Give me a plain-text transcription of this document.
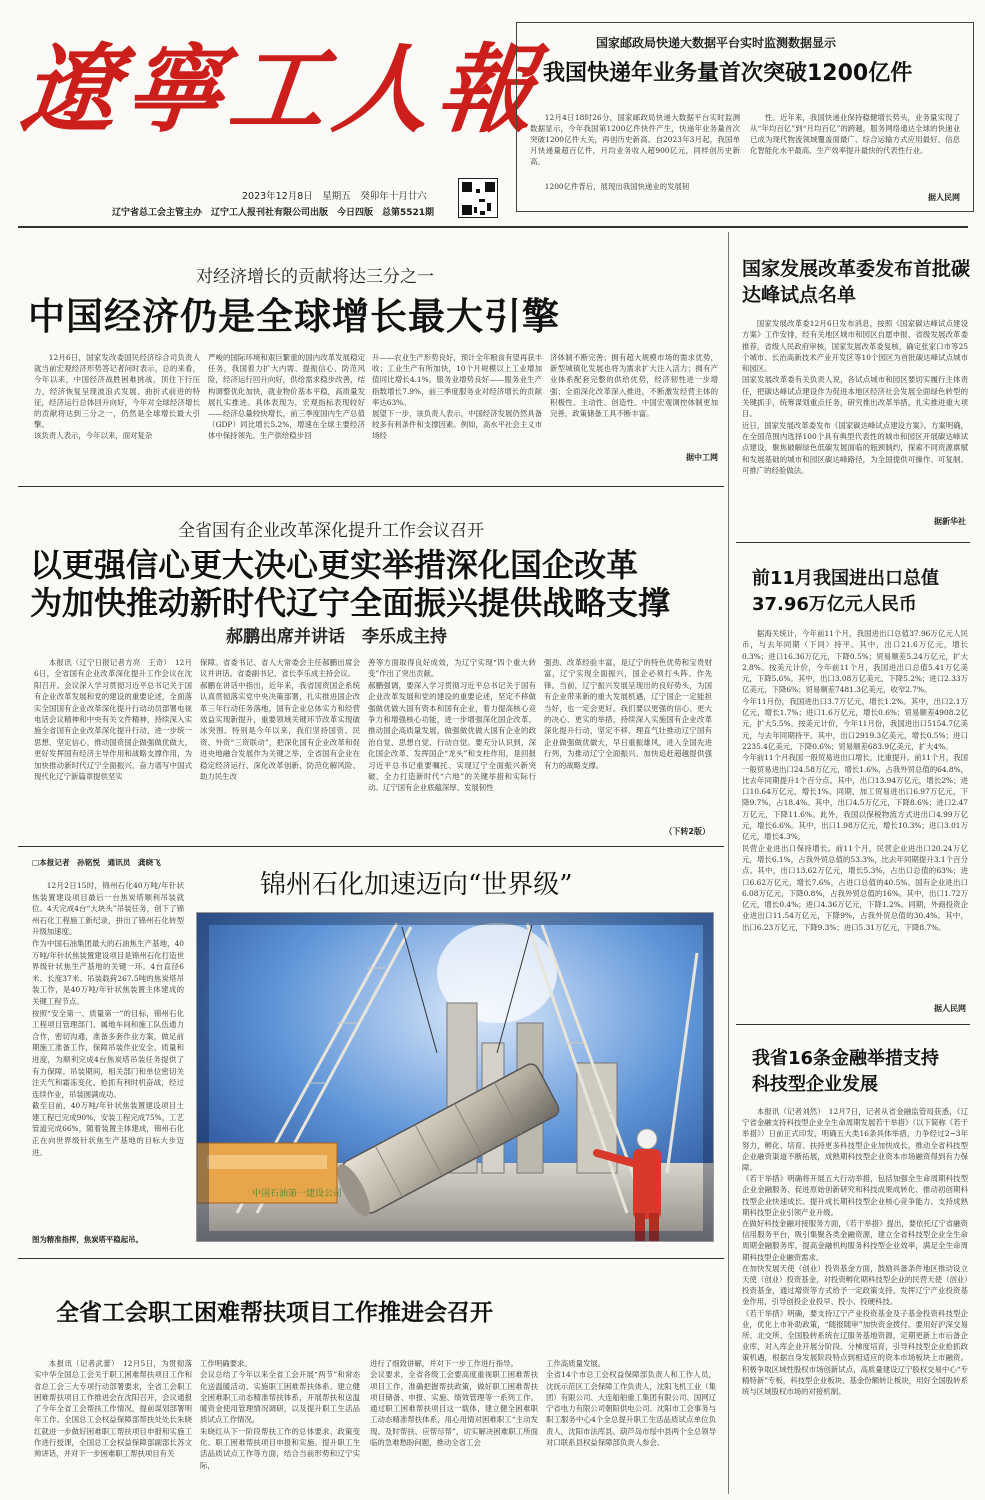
遼寧工人報
2023年12月8日　星期五　癸卯年十月廿六
辽宁省总工会主管主办　辽宁工人报刊社有限公司出版　今日四版　总第5521期
国家邮政局快递大数据平台实时监测数据显示
我国快递年业务量首次突破1200亿件
12月4日18时26分，国家邮政局快递大数据平台实时监测数据显示，今年我国第1200亿件快件产生，快递年业务量首次突破1200亿件大关，再创历史新高。自2023年3月起，我国单月快递量超百亿件，月均业务收入超900亿元，同样创历史新高。
1200亿件背后，展现出我国快递业的发展韧
性。近年来，我国快递业保持稳健增长势头，业务量实现了从“年均百亿”到“月均百亿”的跨越，服务网络通达全球的快递业已成为现代物流领域覆盖面最广、综合运输方式应用最好、信息化智能化水平最高、生产效率提升最快的代表性行业。
据人民网
对经济增长的贡献将达三分之一
中国经济仍是全球增长最大引擎
12月6日，国家发改委国民经济综合司负责人就当前宏观经济形势答记者问时表示，总的来看，今年以来，中国经济战胜困难挑战，顶住下行压力，经济恢复呈现波浪式发展、曲折式前进的特征，经济运行总体回升向好，今年对全球经济增长的贡献将达到三分之一，仍然是全球增长最大引擎。
该负责人表示，今年以来，面对复杂
严峻的国际环境和艰巨繁重的国内改革发展稳定任务，我国着力扩大内需、提振信心、防范风险，经济运行回升向好，供给需求稳步改善，结构调整优化加快，就业物价基本平稳，高质量发展扎实推进。具体表现为，宏观指标表现较好——经济总量较快增长，前三季度国内生产总值（GDP）同比增长5.2%，增速在全球主要经济体中保持领先。生产供给稳步回
升——农业生产形势良好，预计全年粮食有望再获丰收；工业生产有所加快，10个月规模以上工业增加值同比增长4.1%。服务业增势良好——服务业生产指数增长7.9%，前三季度服务业对经济增长的贡献率达63%。
展望下一步，该负责人表示，中国经济发展仍然具备较多有利条件和支撑因素。例如，高水平社会主义市场经
济体制不断完善；拥有超大规模市场的需求优势，新型城镇化发展也将为需求扩大注入活力；拥有产业体系配套完整的供给优势，经济韧性进一步增强；全面深化改革深入推进，不断激发经营主体的积极性、主动性、创造性。中国宏观调控体制更加完善，政策储备工具不断丰富。
据中工网
全省国有企业改革深化提升工作会议召开
以更强信心更大决心更实举措深化国企改革
为加快推动新时代辽宁全面振兴提供战略支撑
郝鹏出席并讲话　李乐成主持
本报讯（辽宁日报记者方亮　王奇）　12月6日，全省国有企业改革深化提升工作会议在沈阳召开。会议深入学习贯彻习近平总书记关于国有企业改革发展和党的建设的重要论述，全面落实全国国有企业改革深化提升行动动员部署电视电话会议精神和中央有关文件精神，持续深入实施全省国有企业改革深化提升行动，进一步统一思想、坚定信心，推动国资国企做强做优做大，更好发挥国有经济主导作用和战略支撑作用，为加快推动新时代辽宁全面振兴、奋力谱写中国式现代化辽宁新篇章提供坚实
保障。省委书记、省人大常委会主任郝鹏出席会议并讲话。省委副书记、省长李乐成主持会议。
郝鹏在讲话中指出，近年来，我省国资国企系统认真贯彻落实党中央决策部署，扎实推进国企改革三年行动任务落地，国有企业总体实力和经营效益实现新提升，重要领域关键环节改革实现破冰突围。特别是今年以来，我们坚持国资、民资、外资“三资联动”，把深化国有企业改革和促进央地融合发展作为关键之举，全省国有企业在稳定经济运行、深化改革创新、防范化解风险、助力民生改
善等方面取得良好成效，为辽宁实现“四个重大转变”作出了突出贡献。
郝鹏强调，要深入学习贯彻习近平总书记关于国有企业改革发展和党的建设的重要论述，坚定不移做强做优做大国有资本和国有企业，着力提高核心竞争力和增强核心功能，进一步增强深化国企改革、推动国企高质量发展，做强做优做大国有企业的政治自觉、思想自觉、行动自觉。要充分认识到，深化国企改革、发挥国企“龙头”和支柱作用，是回报习近平总书记重要嘱托、实现辽宁全面振兴新突破、全力打造新时代“六地”的关键举措和实际行动。辽宁国有企业底蕴深厚、发展韧性
强劲、改革经验丰富，是辽宁的特色优势和宝贵财富，辽宁实现全面振兴，国企必须打头阵、作先锋。当前，辽宁振兴发展呈现出的良好势头，为国有企业带来新的重大发展机遇，辽宁国企一定能担当好，也一定会更好。我们要以更强的信心、更大的决心、更实的举措，持续深入实施国有企业改革深化提升行动，坚定不移、理直气壮推动辽宁国有企业做强做优做大，早日重振雄风，进入全国先进行列，为推动辽宁全面振兴、加快追赶超越提供强有力的战略支撑。
（下转2版）
□本报记者　孙铭悦　通讯员　龚晓飞
12月2日15时，锦州石化40万吨/年针状焦装置建设项目最后一台焦炭塔顺利吊装就位。4天完成4台“大块头”吊装任务，创下了锦州石化工程施工新纪录，拼出了锦州石化转型升级加速度。
作为中国石油集团最大的石油焦生产基地，40万吨/年针状焦装置建设项目是锦州石化打造世界级针状焦生产基地的关键一环。4台直径6米、长度37米、吊装载荷267.5吨的焦炭塔吊装工作，是40万吨/年针状焦装置主体建成的关键工程节点。
按照“安全第一、质量第一”的目标，锦州石化工程项目管理部门、属地车间和施工队伍通力合作，密切沟通，准备多套作业方案，做足前期施工准备工作，保障吊装作业安全、质量和进度，为顺利完成4台焦炭塔吊装任务提供了有力保障。吊装期间，相关部门和单位密切关注天气和霜冻变化，抢抓有利时机奋战，经过连续作业，吊装圆满成功。
截至目前，40万吨/年针状焦装置建设项目土建工程已完成90%，安装工程完成75%，工艺管道完成66%，随着装置主体建成，锦州石化正在向世界级针状焦生产基地的目标大步迈进。
图为精准指挥，焦炭塔平稳起吊。
锦州石化加速迈向“世界级”
中国石油第一建设公司
全省工会职工困难帮扶项目工作推进会召开
本报讯（记者武蕾）　12月5日，为贯彻落实中华全国总工会关于职工困难帮扶项目工作和省总工会三大专项行动部署要求，全省工会职工困难帮扶项目工作推进会在沈阳召开，会议通报了今年全省工会帮扶工作情况，提前谋划部署明年工作。全国总工会权益保障部帮扶处处长朱晓红就进一步做好困难职工帮扶项目申报和实施工作进行授课，全国总工会权益保障部副部长苏文帅讲话，并对下一步困难职工帮扶项目有关
工作明确要求。
会议总结了今年以来全省工会开展“两节”和常态化送温暖活动、实施职工困难帮扶体系、建立健全困难职工动态精准帮扶体系，开展帮扶和送温暖资金使用管理情况调研，以及提升职工生活品质试点工作情况。
朱晓红从下一阶段帮扶工作的总体要求、政策变化、职工困难帮扶项目申报和实施、提升职工生活品质试点工作等方面，结合当前形势和辽宁实际，
进行了细致讲解，并对下一步工作进行指导。
会议要求，全省各级工会要高度重视职工困难帮扶项目工作，准确把握帮扶政策，做好职工困难帮扶项目储备、申报、实施、绩效管理等一系列工作。通过职工困难帮扶项目这一载体，建立健全困难职工动态精准帮扶体系，用心用情对困难职工“主动发现、及时帮扶、应帮尽帮”，切实解决困难职工所面临的急难愁盼问题，推动全省工会
工作高质量发展。
全省14个市总工会权益保障部负责人和工作人员，沈抚示范区工会保障工作负责人，沈阳飞机工业（集团）有限公司、大连船舶重工集团有限公司、国网辽宁省电力有限公司朝阳供电公司、沈阳市工会事务与职工服务中心4个全总提升职工生活品质试点单位负责人，沈阳市法库县、葫芦岛市绥中县两个全总领导对口联系县权益保障部负责人参会。
国家发展改革委发布首批碳达峰试点名单
国家发展改革委12月6日发布消息，按照《国家碳达峰试点建设方案》工作安排，经有关地区城市和园区自愿申报、省级发展改革委推荐，省级人民政府审核，国家发展改革委复核，确定张家口市等25个城市、长治高新技术产业开发区等10个园区为首批碳达峰试点城市和园区。
国家发展改革委有关负责人说，各试点城市和园区要切实履行主体责任，把碳达峰试点建设作为促进本地区经济社会发展全面绿色转型的关键抓手，统筹谋划重点任务，研究推出改革举措，扎实推进重大项目。
近日，国家发展改革委发布《国家碳达峰试点建设方案》。方案明确，在全国范围内选择100个具有典型代表性的城市和园区开展碳达峰试点建设，聚焦破解绿色低碳发展面临的瓶颈制约，探索不同资源禀赋和发展基础的城市和园区碳达峰路径，为全国提供可操作、可复制、可推广的经验做法。
据新华社
前11月我国进出口总值37.96万亿元人民币
据海关统计，今年前11个月，我国进出口总值37.96万亿元人民币，与去年同期（下同）持平。其中，出口21.6万亿元，增长0.3%；进口16.36万亿元，下降0.5%；贸易顺差5.24万亿元，扩大2.8%。按美元计价，今年前11个月，我国进出口总值5.41万亿美元，下降5.6%。其中，出口3.08万亿美元，下降5.2%；进口2.33万亿美元，下降6%；贸易顺差7481.3亿美元，收窄2.7%。
今年11月份，我国进出口3.7万亿元，增长1.2%。其中，出口2.1万亿元，增长1.7%；进口1.6万亿元，增长0.6%；贸易顺差4908.2亿元，扩大5.5%。按美元计价，今年11月份，我国进出口5154.7亿美元，与去年同期持平。其中，出口2919.3亿美元，增长0.5%；进口2235.4亿美元，下降0.6%；贸易顺差683.9亿美元，扩大4%。
今年前11个月我国一般贸易进出口增长，比重提升。前11个月，我国一般贸易进出口24.58万亿元，增长1.6%，占我外贸总值的64.8%，比去年同期提升1个百分点。其中，出口13.94万亿元，增长2%；进口10.64万亿元，增长1%。同期，加工贸易进出口6.97万亿元，下降9.7%，占18.4%。其中，出口4.5万亿元，下降8.6%；进口2.47万亿元，下降11.6%。此外，我国以保税物流方式进出口4.99万亿元，增长6.6%。其中，出口1.98万亿元，增长10.3%；进口3.01万亿元，增长4.3%。
民营企业进出口保持增长。前11个月，民营企业进出口20.24万亿元，增长6.1%，占我外贸总值的53.3%，比去年同期提升3.1个百分点。其中，出口13.62万亿元，增长5.3%，占出口总值的63%；进口6.62万亿元，增长7.6%，占进口总值的40.5%。国有企业进出口6.08万亿元，下降0.8%，占我外贸总值的16%。其中，出口1.72万亿元，增长0.4%；进口4.36万亿元，下降1.2%。同期，外商投资企业进出口11.54万亿元，下降9%，占我外贸总值的30.4%。其中，出口6.23万亿元，下降9.3%；进口5.31万亿元，下降8.7%。
据人民网
我省16条金融举措支持科技型企业发展
本报讯（记者刘然）　12月7日，记者从省金融监管局获悉，《辽宁省金融支持科技型企业全生命周期发展若干举措》（以下简称《若干举措》）日前正式印发，明确五大类16条具体举措，力争经过2~3年努力，孵化、培育、扶持更多科技型企业加快成长，推动全省科技型企业融资渠道不断拓展，成熟期科技型企业资本市场融资得到有力保障。
《若干举措》明确将开展五大行动举措，包括加强全生命周期科技型企业金融服务、促进原始创新研究和科技成果成转化、推动初创期科技型企业快速成长、提升成长期科技型企业核心竞争能力、支持成熟期科技型企业引领产业升级。
在做好科技金融对接服务方面，《若干举措》提出，要依托辽宁省融资信用服务平台，吸引集聚各类金融资源，建立全省科技型企业全生命周期金融服务库，提高金融机构服务科技型企业效率，满足全生命周期科技型企业融资需求。
在加快发展天使（创业）投资基金方面，鼓励具备条件地区推动设立天使（创业）投资基金，对投资孵化期科技型企业的民营天使（创业）投资基金，通过增资等方式给予一定政策支持。发挥辽宁产业投资基金作用，引导创投企业投早、投小、投硬科技。
《若干举措》明确，要支持辽宁产业投资基金及子基金投资科技型企业，优化上市补助政策，“随报随审”加快资金拨付。要用好沪深交易所、北交所、全国股转系统在辽服务基地资源，定期更新上市后备企业库，对入库企业开展分阶段、分梯度培育，引导科技型企业抢抓政策机遇，根据自身发展阶段特点到相适应的资本市场板块上市融资。积极争取区域性股权市场创新试点，高质量建设辽宁股权交易中心“专精特新”专板，科技型企业板块、基金份额转让板块，用好全国股转系统与区域股权市场的对接机制。
